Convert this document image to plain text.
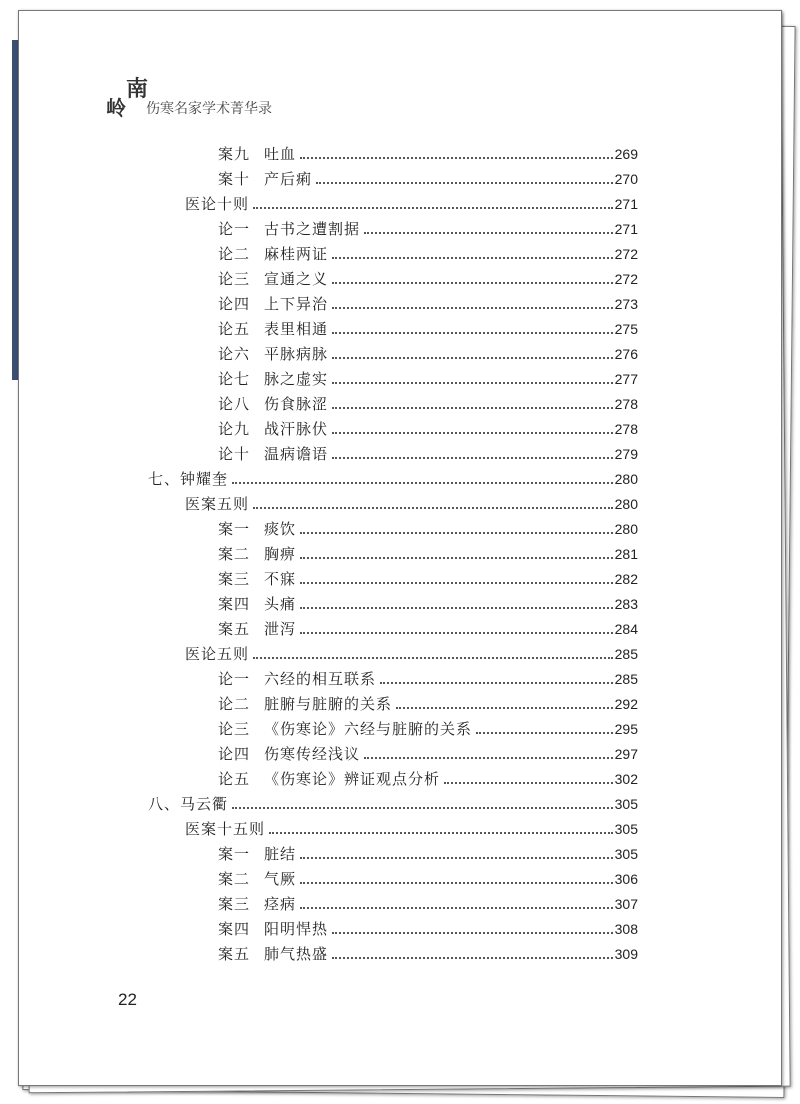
南
岭 伤寒名家学术菁华录
案九 吐血	269
案十 产后痢	270
医论十则	271
论一 古书之遭割据	271
论二 麻桂两证	272
论三 宣通之义	272
论四 上下异治	273
论五 表里相通	275
论六 平脉病脉	276
论七 脉之虚实	277
论八 伤食脉涩	278
论九 战汗脉伏	278
论十 温病谵语	279
七、钟耀奎	280
医案五则	280
案一 痰饮	280
案二 胸痹	281
案三 不寐	282
案四 头痛	283
案五 泄泻	284
医论五则	285
论一 六经的相互联系	285
论二 脏腑与脏腑的关系	292
论三 《伤寒论》六经与脏腑的关系	295
论四 伤寒传经浅议	297
论五 《伤寒论》辨证观点分析	302
八、马云衢	305
医案十五则	305
案一 脏结	305
案二 气厥	306
案三 痉病	307
案四 阳明悍热	308
案五 肺气热盛	309
22
